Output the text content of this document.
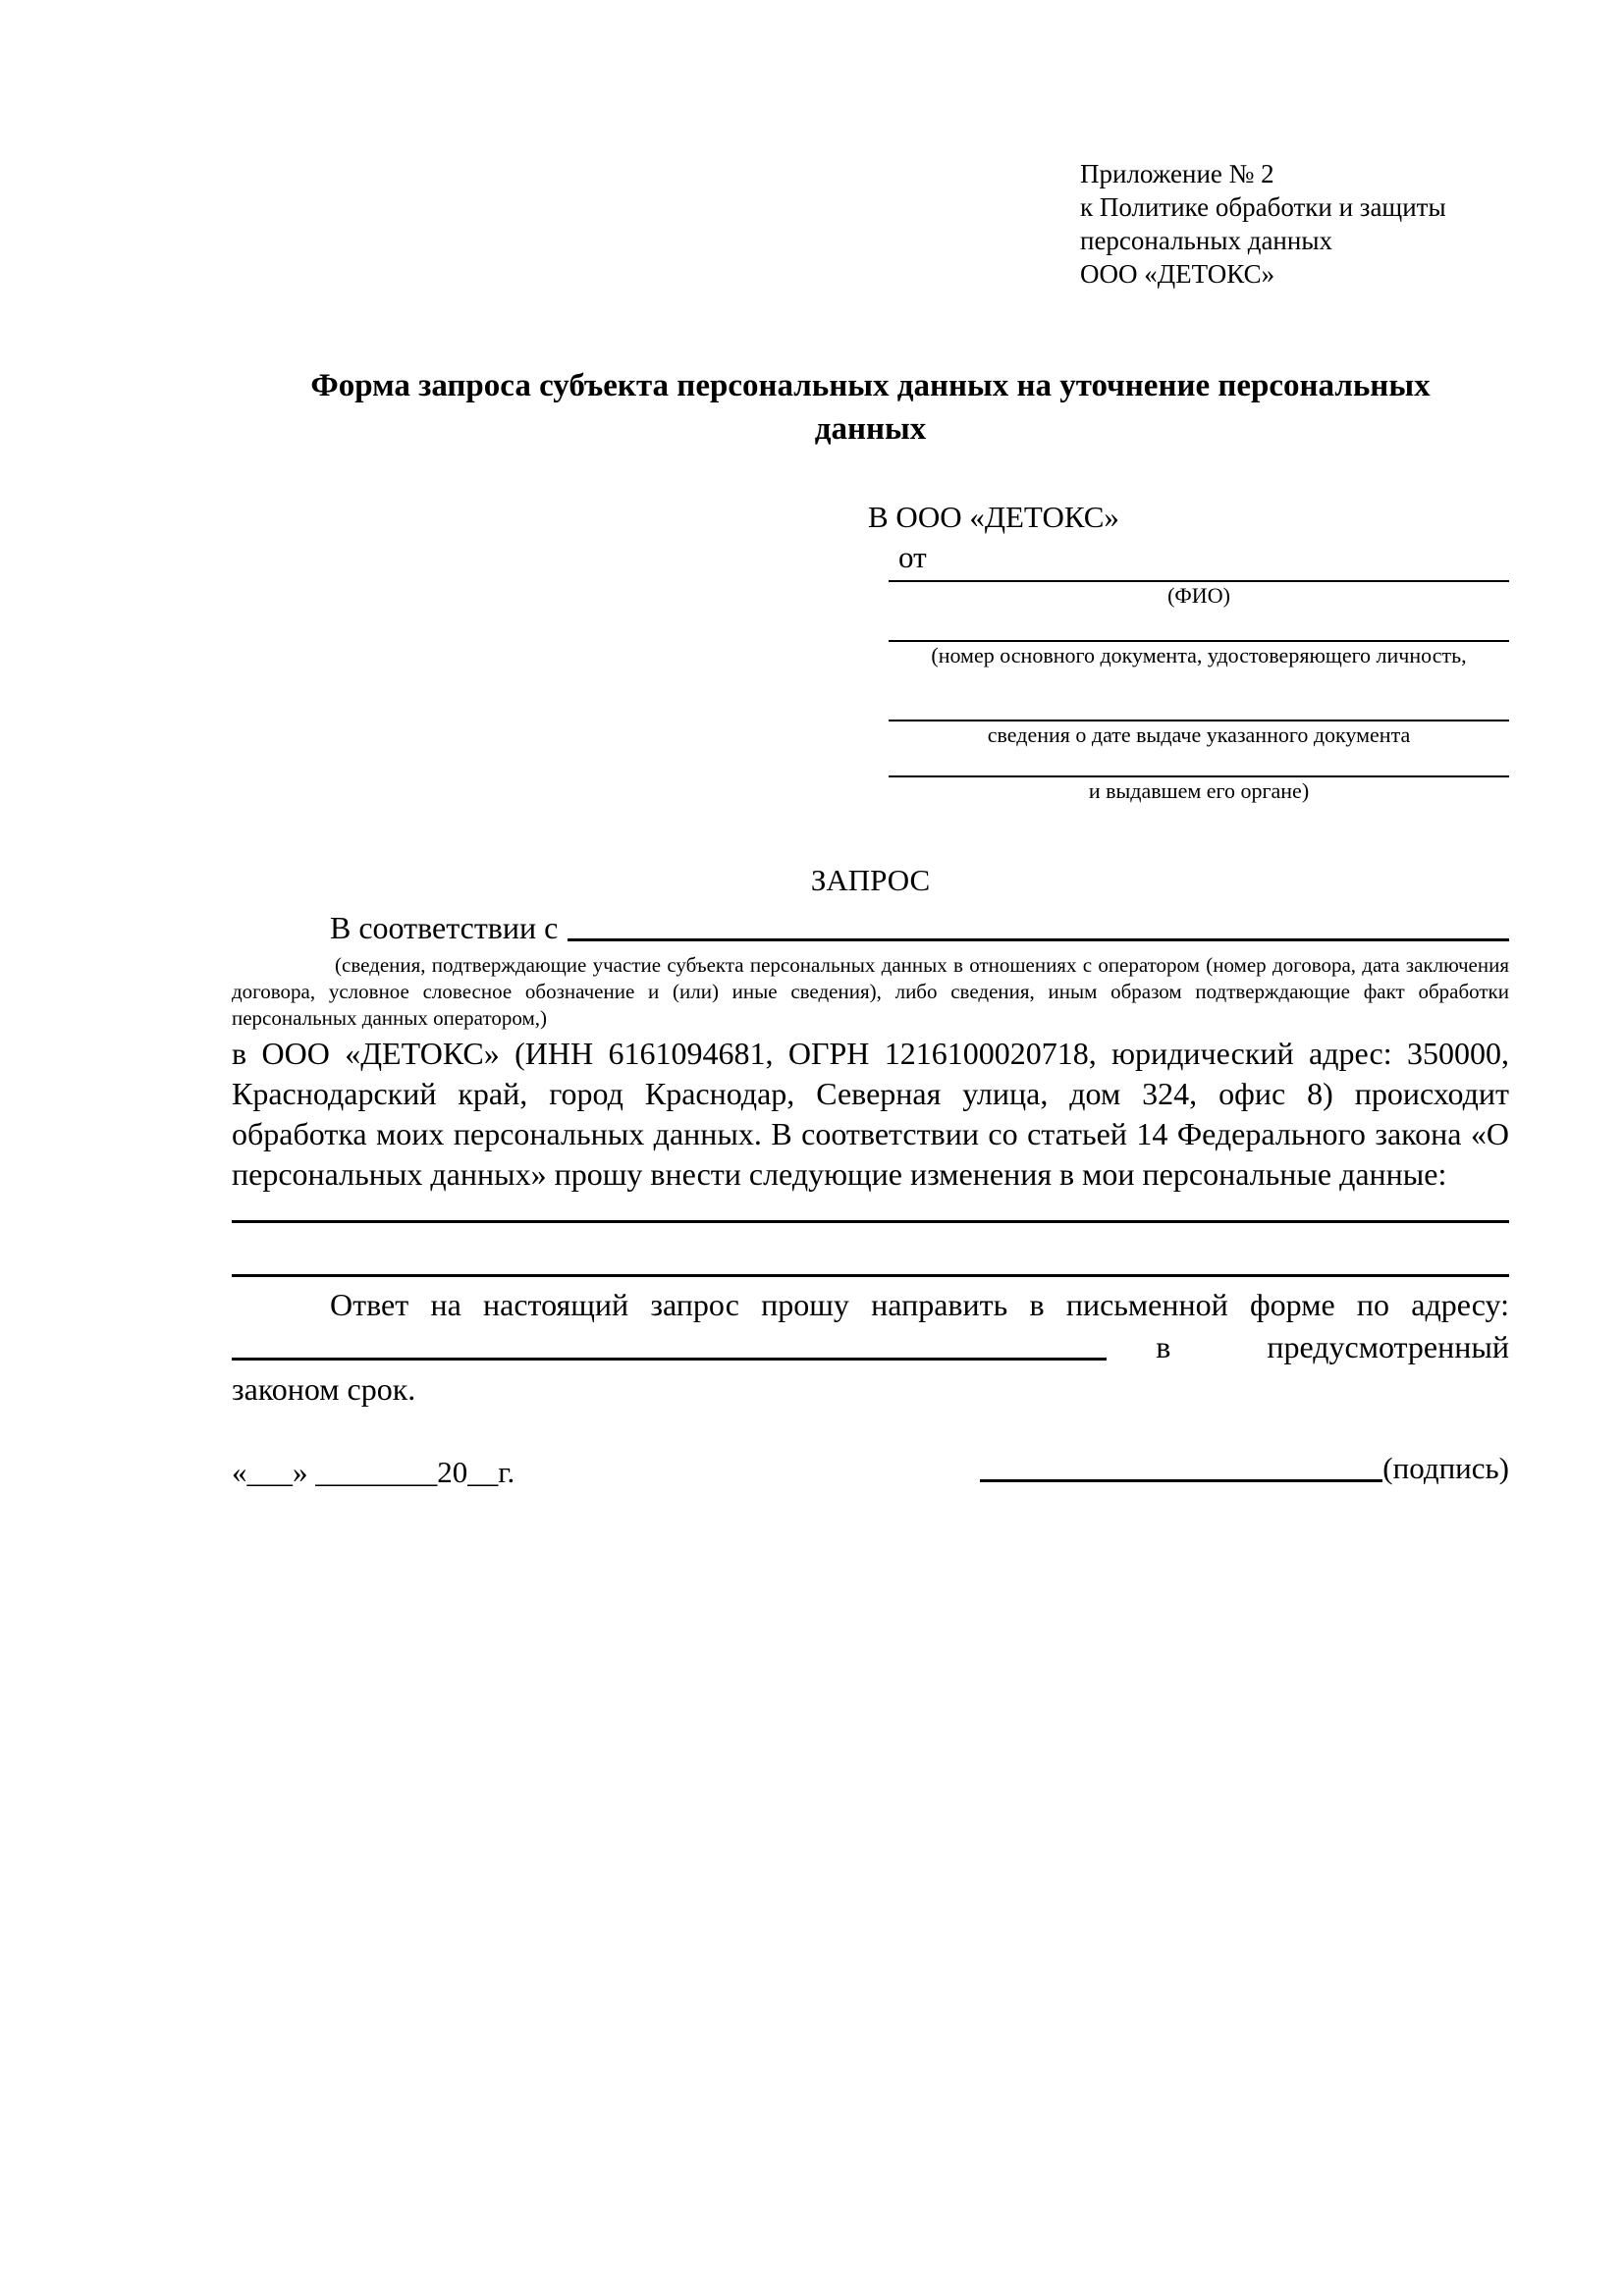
Приложение № 2
к Политике обработки и защиты
персональных данных
ООО «ДЕТОКС»
Форма запроса субъекта персональных данных на уточнение персональных данных
В ООО «ДЕТОКС»
от
(ФИО)
(номер основного документа, удостоверяющего личность,
сведения о дате выдаче указанного документа
и выдавшем его органе)
ЗАПРОС
В соответствии с

(сведения, подтверждающие участие субъекта персональных данных в отношениях с оператором (номер договора, дата заключения договора, условное словесное обозначение и (или) иные сведения), либо сведения, иным образом подтверждающие факт обработки персональных данных оператором,)

в ООО «ДЕТОКС» (ИНН 6161094681, ОГРН 1216100020718, юридический адрес: 350000, Краснодарский край, город Краснодар, Северная улица, дом 324, офис 8) происходит обработка моих персональных данных. В соответствии со статьей 14 Федерального закона «О персональных данных» прошу внести следующие изменения в мои персональные данные:

Ответ на настоящий запрос прошу направить в письменной форме по адресу:

в предусмотренный

законом срок.

«___» ________20__г.	(подпись)
